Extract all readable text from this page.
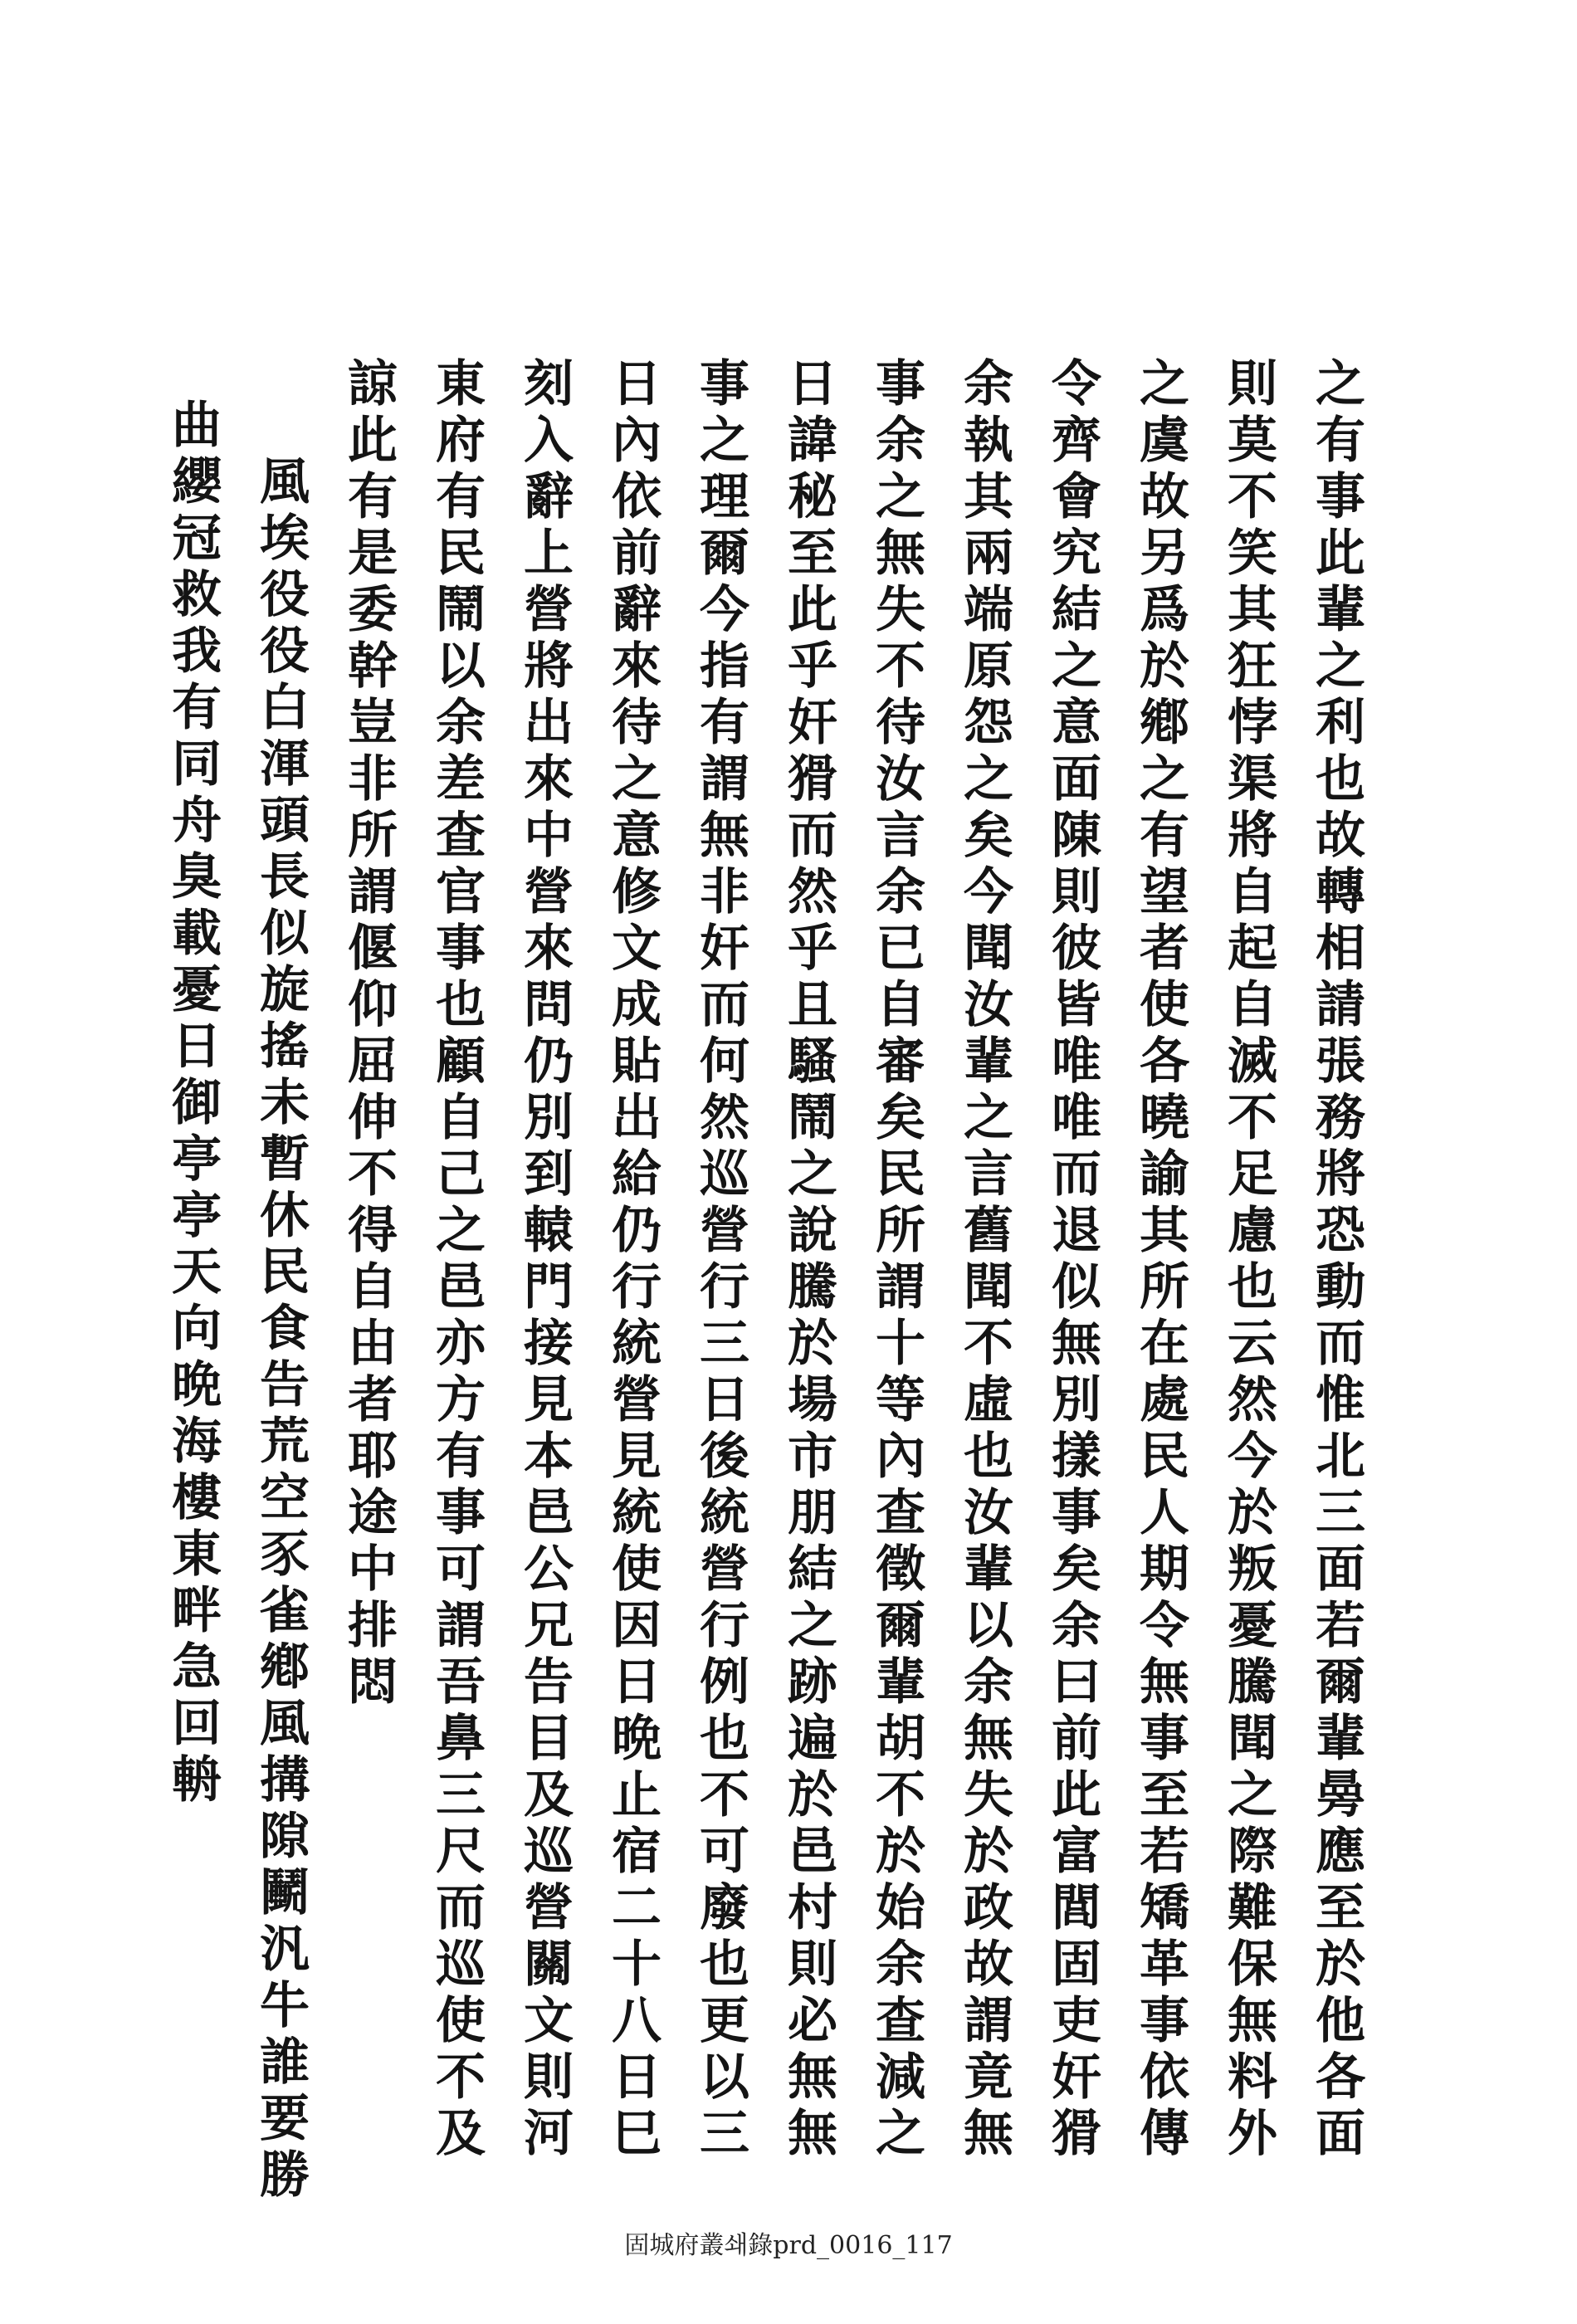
之有事此輩之利也故轉相請張務將恐動而惟北三面若爾輩㬅應至於他各面
則莫不笑其狂悖渠將自起自滅不足慮也云然今於叛憂騰聞之際難保無料外
之虞故另爲於鄕之有望者使各曉諭其所在處民人期令無事至若矯革事依傳
令齊會究結之意面陳則彼皆唯唯而退似無別㨾事矣余曰前此富閭固吏奸猾
余執其兩端原怨之矣今聞汝輩之言舊聞不虛也汝輩以余無失於政故謂竟無
事余之無失不待汝言余已自審矣民所謂十等內查徵爾輩胡不於始余查減之
日諱秘至此乎奸猾而然乎且騷鬧之說騰於場市朋結之跡遍於邑村則必無無
事之理爾今指有謂無非奸而何然巡營行三日後統營行例也不可廢也更以三
日內依前辭來待之意修文成貼出給仍行統營見統使因日晩止宿二十八日巳
刻入辭上營將出來中營來問仍別到轅門接見本邑公兄告目及巡營關文則河
東府有民鬧以余差查官事也顧自己之邑亦方有事可謂吾鼻三尺而巡使不及
諒此有是委幹豈非所謂偃仰屈伸不得自由者耶途中排悶
　風埃役役白渾頭長似旋搖未暫休民食告荒空豕雀鄕風搆隙鬭汎牛誰要勝
曲纓冠救我有同舟臭載憂日御亭亭天向晩海樓東畔急回輈
固城府叢쇄錄prd_0016_117
